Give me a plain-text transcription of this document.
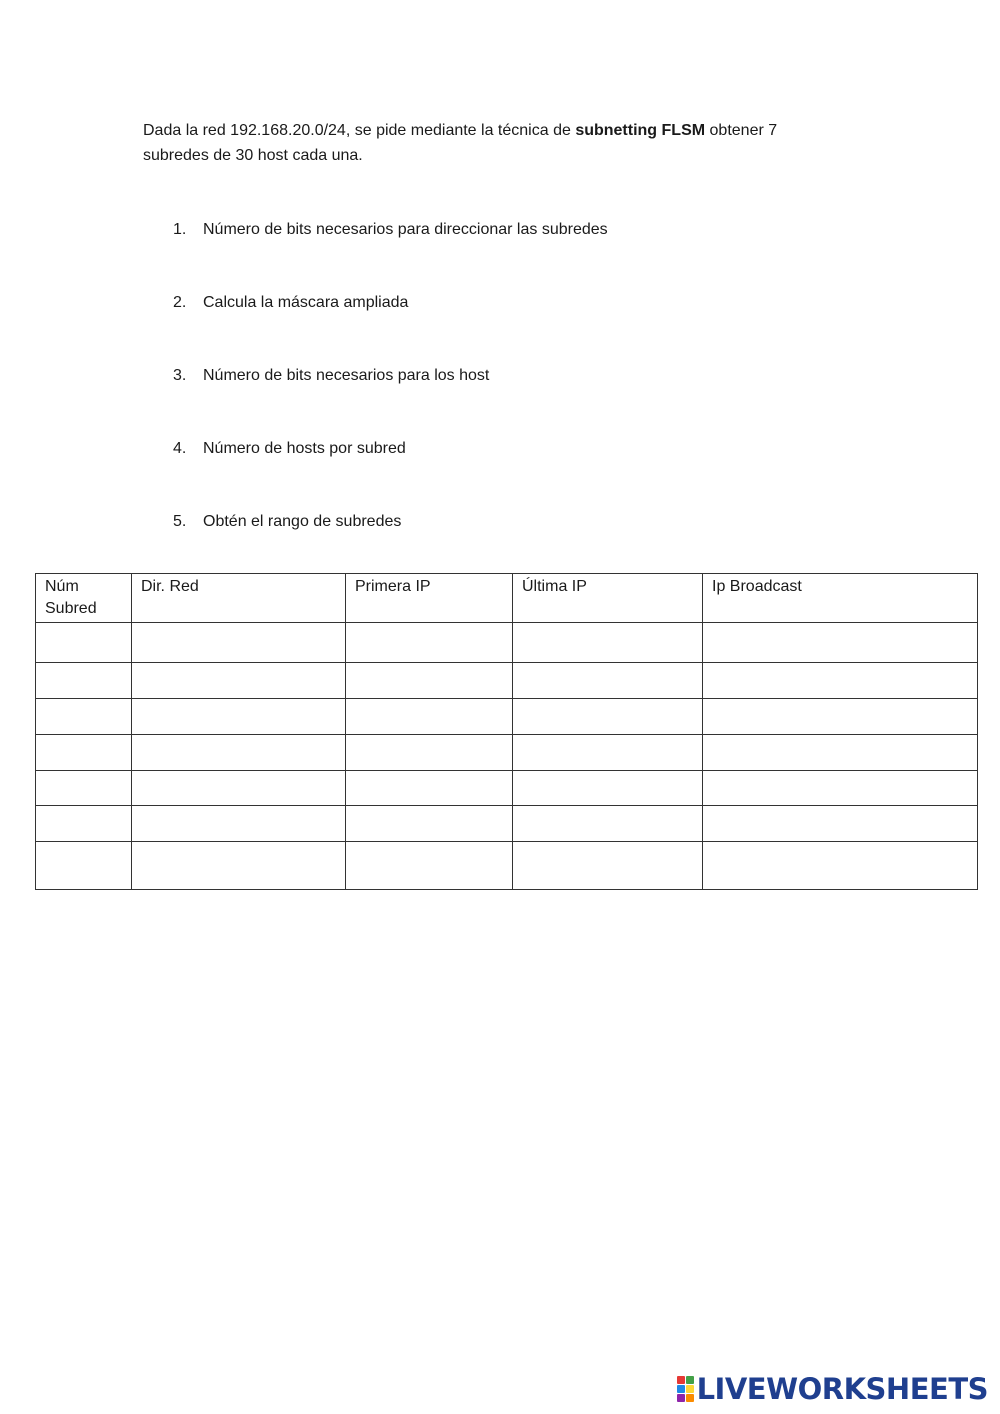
Dada la red 192.168.20.0/24, se pide mediante la técnica de subnetting FLSM obtener 7 subredes de 30 host cada una.

1. Número de bits necesarios para direccionar las subredes

2. Calcula la máscara ampliada

3. Número de bits necesarios para los host

4. Número de hosts por subred

5. Obtén el rango de subredes

Núm
Subred	Dir. Red	Primera IP	Última IP	Ip Broadcast

LIVEWORKSHEETS
